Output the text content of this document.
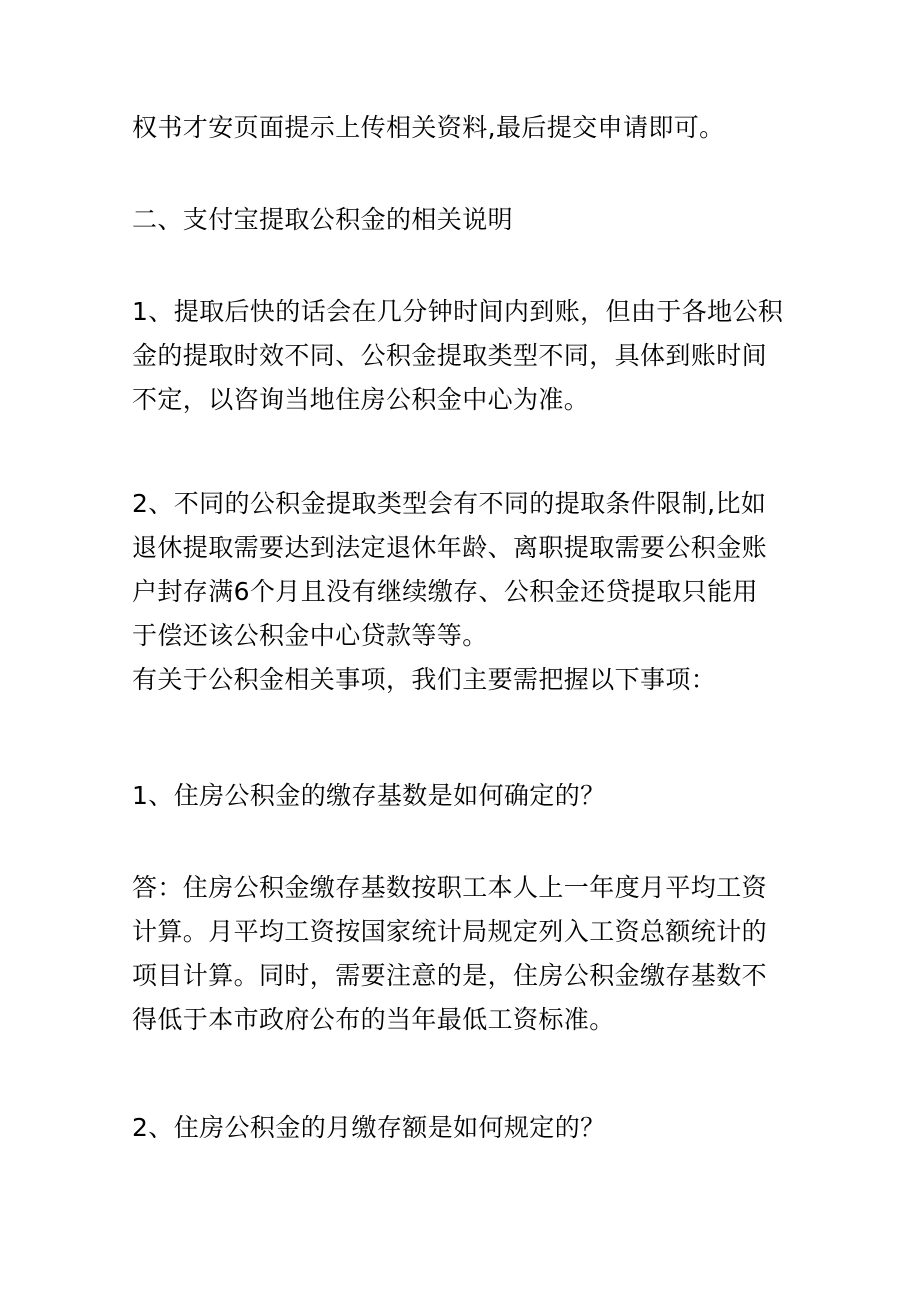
权书才安页面提示上传相关资料,最后提交申请即可。
二、支付宝提取公积金的相关说明
1、提取后快的话会在几分钟时间内到账，但由于各地公积
金的提取时效不同、公积金提取类型不同，具体到账时间
不定，以咨询当地住房公积金中心为准。
2、不同的公积金提取类型会有不同的提取条件限制,比如
退休提取需要达到法定退休年龄、离职提取需要公积金账
户封存满6个月且没有继续缴存、公积金还贷提取只能用
于偿还该公积金中心贷款等等。
有关于公积金相关事项，我们主要需把握以下事项：
1、住房公积金的缴存基数是如何确定的？
答：住房公积金缴存基数按职工本人上一年度月平均工资
计算。月平均工资按国家统计局规定列入工资总额统计的
项目计算。同时，需要注意的是，住房公积金缴存基数不
得低于本市政府公布的当年最低工资标准。
2、住房公积金的月缴存额是如何规定的？
